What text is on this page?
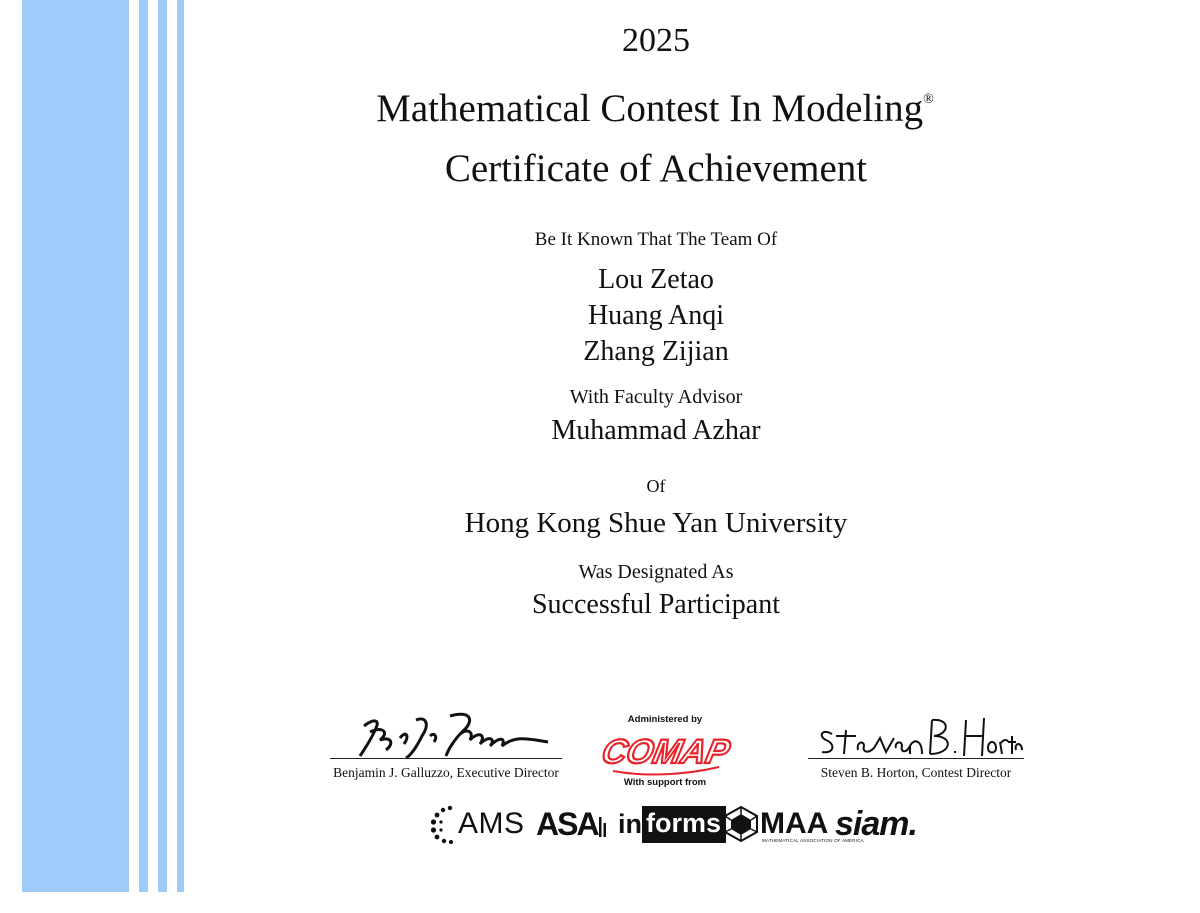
2025
Mathematical Contest In Modeling®
Certificate of Achievement
Be It Known That The Team Of
Lou Zetao
Huang Anqi
Zhang Zijian
With Faculty Advisor
Muhammad Azhar
Of
Hong Kong Shue Yan University
Was Designated As
Successful Participant
Benjamin J. Galluzzo, Executive Director
Administered by
COMAP
With support from
Steven B. Horton, Contest Director
AMS ASA in forms MAA
MATHEMATICAL ASSOCIATION OF AMERICA
siam.
